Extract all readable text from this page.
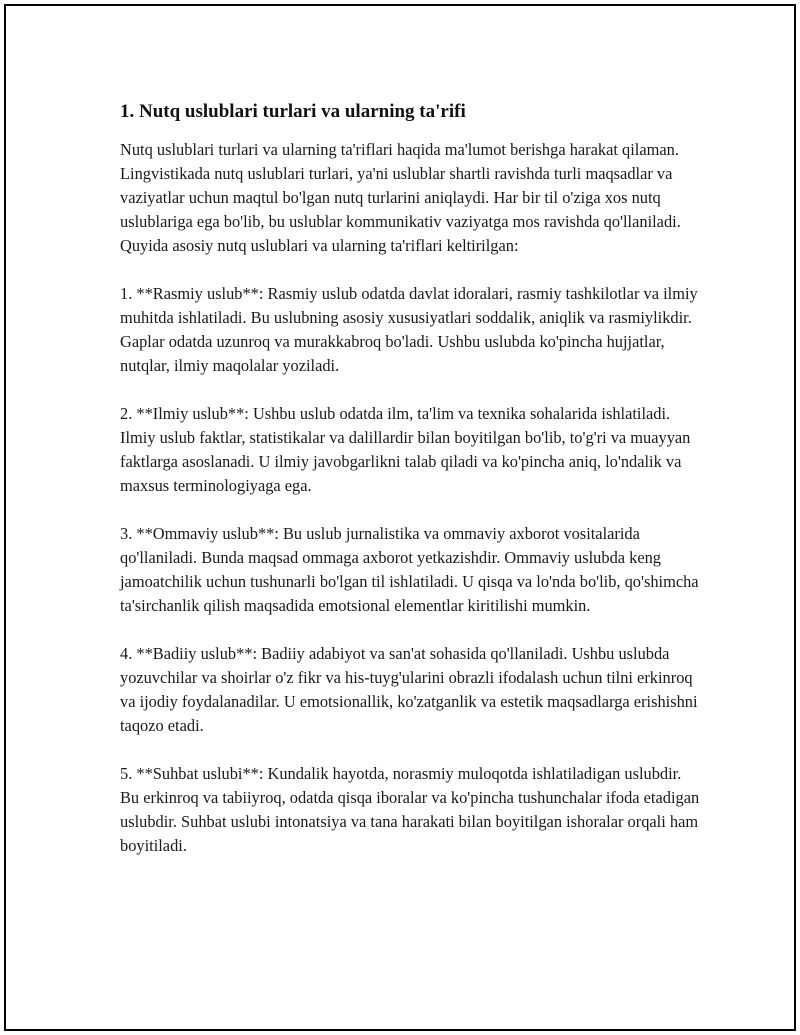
1. Nutq uslublari turlari va ularning ta'rifi

Nutq uslublari turlari va ularning ta'riflari haqida ma'lumot berishga harakat qilaman. Lingvistikada nutq uslublari turlari, ya'ni uslublar shartli ravishda turli maqsadlar va vaziyatlar uchun maqtul bo'lgan nutq turlarini aniqlaydi. Har bir til o'ziga xos nutq uslublariga ega bo'lib, bu uslublar kommunikativ vaziyatga mos ravishda qo'llaniladi. Quyida asosiy nutq uslublari va ularning ta'riflari keltirilgan:

1. **Rasmiy uslub**: Rasmiy uslub odatda davlat idoralari, rasmiy tashkilotlar va ilmiy muhitda ishlatiladi. Bu uslubning asosiy xususiyatlari soddalik, aniqlik va rasmiylikdir. Gaplar odatda uzunroq va murakkabroq bo'ladi. Ushbu uslubda ko'pincha hujjatlar, nutqlar, ilmiy maqolalar yoziladi.

2. **Ilmiy uslub**: Ushbu uslub odatda ilm, ta'lim va texnika sohalarida ishlatiladi. Ilmiy uslub faktlar, statistikalar va dalillardir bilan boyitilgan bo'lib, to'g'ri va muayyan faktlarga asoslanadi. U ilmiy javobgarlikni talab qiladi va ko'pincha aniq, lo'ndalik va maxsus terminologiyaga ega.

3. **Ommaviy uslub**: Bu uslub jurnalistika va ommaviy axborot vositalarida qo'llaniladi. Bunda maqsad ommaga axborot yetkazishdir. Ommaviy uslubda keng jamoatchilik uchun tushunarli bo'lgan til ishlatiladi. U qisqa va lo'nda bo'lib, qo'shimcha ta'sirchanlik qilish maqsadida emotsional elementlar kiritilishi mumkin.

4. **Badiiy uslub**: Badiiy adabiyot va san'at sohasida qo'llaniladi. Ushbu uslubda yozuvchilar va shoirlar o'z fikr va his-tuyg'ularini obrazli ifodalash uchun tilni erkinroq va ijodiy foydalanadilar. U emotsionallik, ko'zatganlik va estetik maqsadlarga erishishni taqozo etadi.

5. **Suhbat uslubi**: Kundalik hayotda, norasmiy muloqotda ishlatiladigan uslubdir. Bu erkinroq va tabiiyroq, odatda qisqa iboralar va ko'pincha tushunchalar ifoda etadigan uslubdir. Suhbat uslubi intonatsiya va tana harakati bilan boyitilgan ishoralar orqali ham boyitiladi.
